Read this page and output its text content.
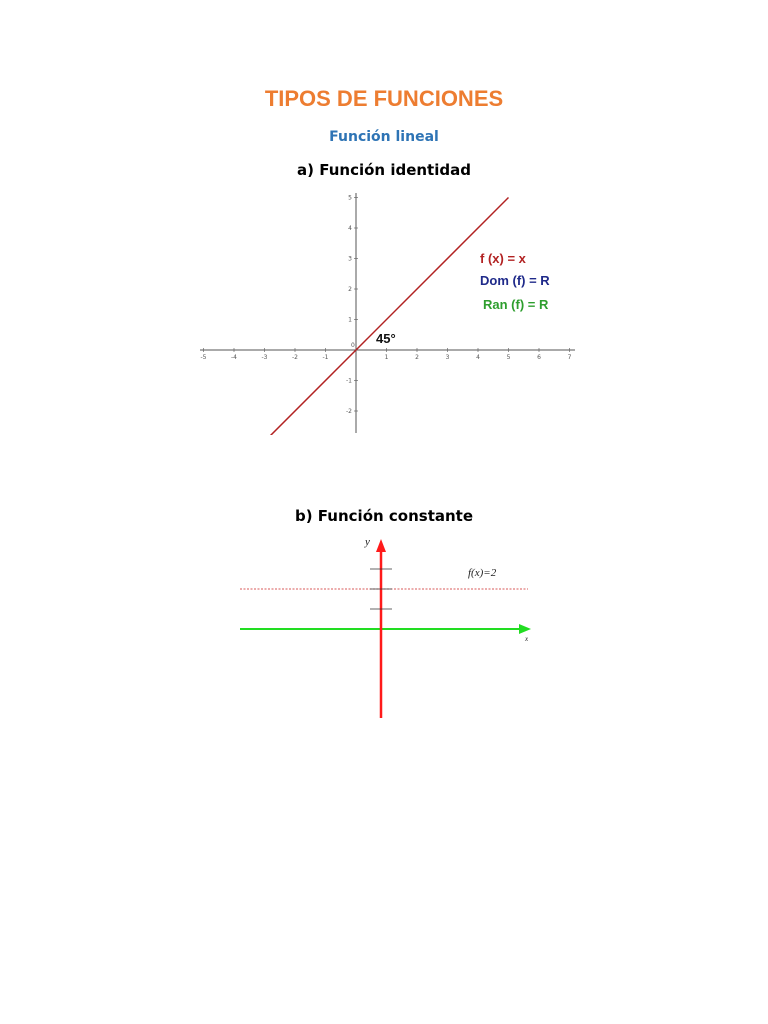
TIPOS DE FUNCIONES
Función lineal
a) Función identidad
-5	-4	-3	-2	-1	1	2	3	4	5	6	7
-2
-1
1
2
3
4
5
0 45°
f (x) = x
Dom (f) = R
Ran (f) = R
b) Función constante
y
x
f(x)=2
